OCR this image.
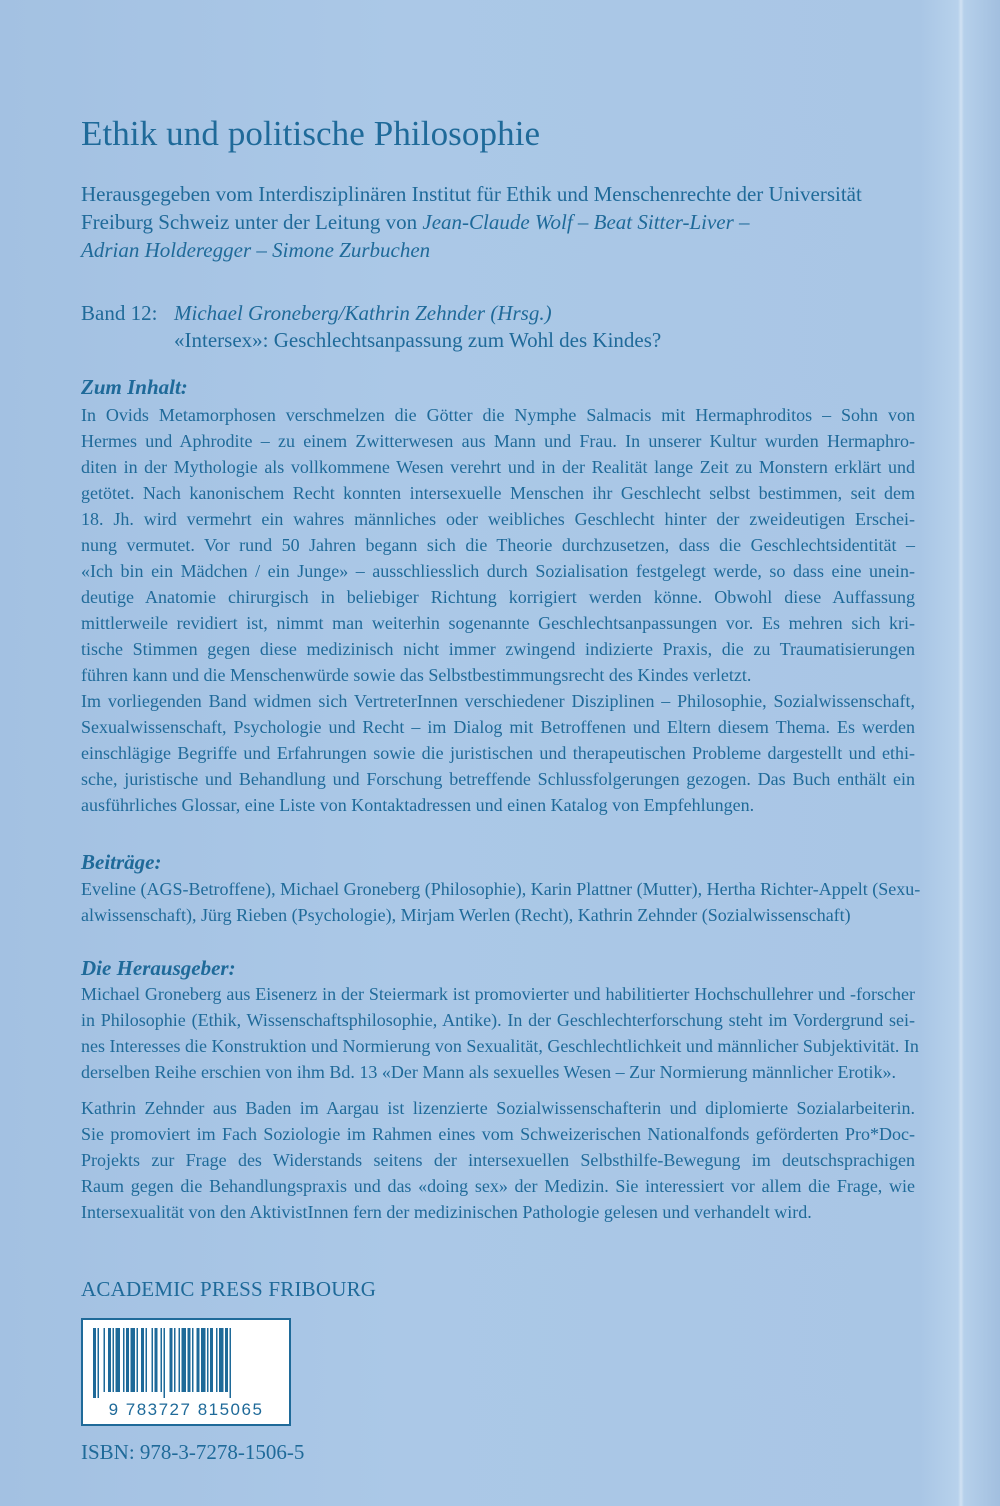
Ethik und politische Philosophie
Herausgegeben vom Interdisziplinären Institut für Ethik und Menschenrechte der Universität
Freiburg Schweiz unter der Leitung von Jean-Claude Wolf – Beat Sitter-Liver –
Adrian Holderegger – Simone Zurbuchen
Band 12: Michael Groneberg/Kathrin Zehnder (Hrsg.)
«Intersex»: Geschlechtsanpassung zum Wohl des Kindes?
Zum Inhalt:
In Ovids Metamorphosen verschmelzen die Götter die Nymphe Salmacis mit Hermaphroditos – Sohn von
Hermes und Aphrodite – zu einem Zwitterwesen aus Mann und Frau. In unserer Kultur wurden Hermaphro-
diten in der Mythologie als vollkommene Wesen verehrt und in der Realität lange Zeit zu Monstern erklärt und
getötet. Nach kanonischem Recht konnten intersexuelle Menschen ihr Geschlecht selbst bestimmen, seit dem
18. Jh. wird vermehrt ein wahres männliches oder weibliches Geschlecht hinter der zweideutigen Erschei-
nung vermutet. Vor rund 50 Jahren begann sich die Theorie durchzusetzen, dass die Geschlechtsidentität –
«Ich bin ein Mädchen / ein Junge» – ausschliesslich durch Sozialisation festgelegt werde, so dass eine unein-
deutige Anatomie chirurgisch in beliebiger Richtung korrigiert werden könne. Obwohl diese Auffassung
mittlerweile revidiert ist, nimmt man weiterhin sogenannte Geschlechtsanpassungen vor. Es mehren sich kri-
tische Stimmen gegen diese medizinisch nicht immer zwingend indizierte Praxis, die zu Traumatisierungen
führen kann und die Menschenwürde sowie das Selbstbestimmungsrecht des Kindes verletzt.
Im vorliegenden Band widmen sich VertreterInnen verschiedener Disziplinen – Philosophie, Sozialwissenschaft,
Sexualwissenschaft, Psychologie und Recht – im Dialog mit Betroffenen und Eltern diesem Thema. Es werden
einschlägige Begriffe und Erfahrungen sowie die juristischen und therapeutischen Probleme dargestellt und ethi-
sche, juristische und Behandlung und Forschung betreffende Schlussfolgerungen gezogen. Das Buch enthält ein
ausführliches Glossar, eine Liste von Kontaktadressen und einen Katalog von Empfehlungen.
Beiträge:
Eveline (AGS-Betroffene), Michael Groneberg (Philosophie), Karin Plattner (Mutter), Hertha Richter-Appelt (Sexu-
alwissenschaft), Jürg Rieben (Psychologie), Mirjam Werlen (Recht), Kathrin Zehnder (Sozialwissenschaft)
Die Herausgeber:
Michael Groneberg aus Eisenerz in der Steiermark ist promovierter und habilitierter Hochschullehrer und -forscher
in Philosophie (Ethik, Wissenschaftsphilosophie, Antike). In der Geschlechterforschung steht im Vordergrund sei-
nes Interesses die Konstruktion und Normierung von Sexualität, Geschlechtlichkeit und männlicher Subjektivität. In
derselben Reihe erschien von ihm Bd. 13 «Der Mann als sexuelles Wesen – Zur Normierung männlicher Erotik».
Kathrin Zehnder aus Baden im Aargau ist lizenzierte Sozialwissenschafterin und diplomierte Sozialarbeiterin.
Sie promoviert im Fach Soziologie im Rahmen eines vom Schweizerischen Nationalfonds geförderten Pro*Doc-
Projekts zur Frage des Widerstands seitens der intersexuellen Selbsthilfe-Bewegung im deutschsprachigen
Raum gegen die Behandlungspraxis und das «doing sex» der Medizin. Sie interessiert vor allem die Frage, wie
Intersexualität von den AktivistInnen fern der medizinischen Pathologie gelesen und verhandelt wird.
ACADEMIC PRESS FRIBOURG
9 783727 815065
ISBN: 978-3-7278-1506-5
